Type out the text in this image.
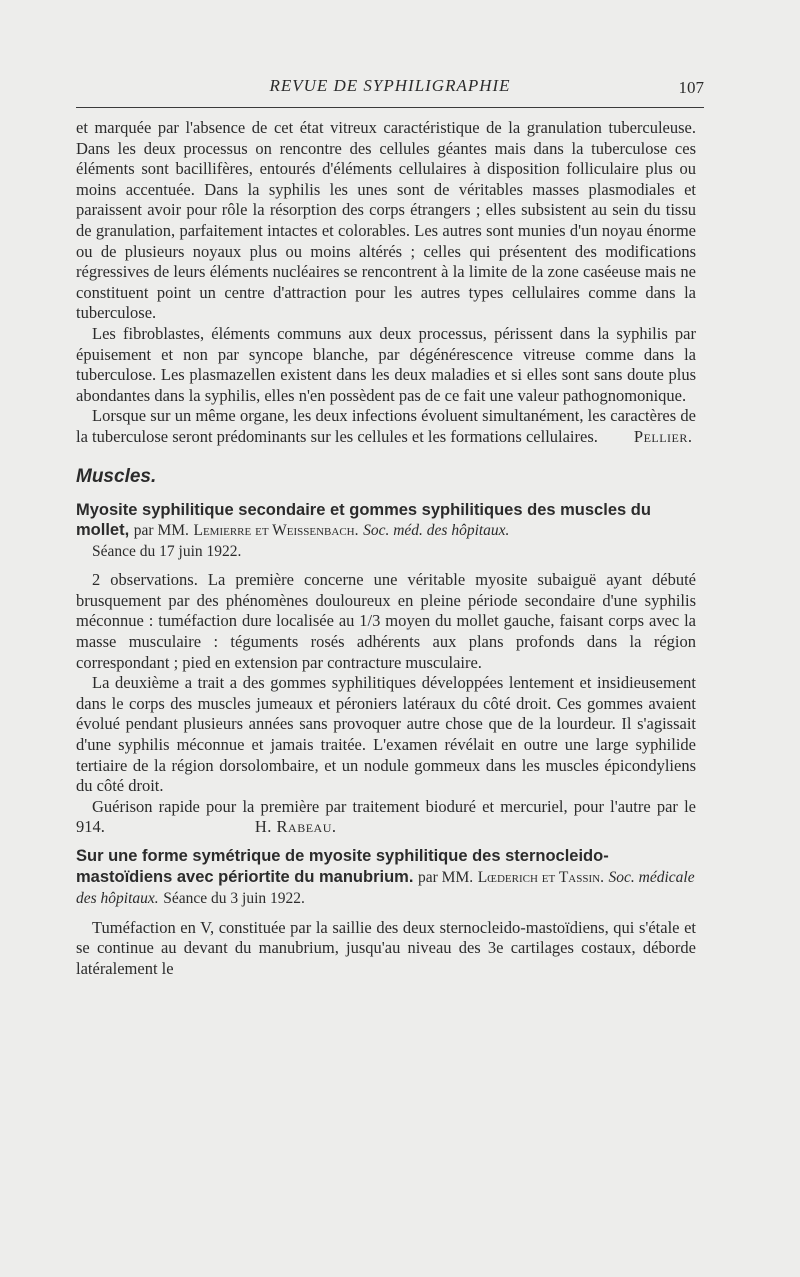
REVUE DE SYPHILIGRAPHIE	107

et marquée par l'absence de cet état vitreux caractéristique de la granulation tuberculeuse. Dans les deux processus on rencontre des cellules géantes mais dans la tuberculose ces éléments sont bacillifères, entourés d'éléments cellulaires à disposition folliculaire plus ou moins accentuée. Dans la syphilis les unes sont de véritables masses plasmodiales et paraissent avoir pour rôle la résorption des corps étrangers ; elles subsistent au sein du tissu de granulation, parfaitement intactes et colorables. Les autres sont munies d'un noyau énorme ou de plusieurs noyaux plus ou moins altérés ; celles qui présentent des modifications régressives de leurs éléments nucléaires se rencontrent à la limite de la zone caséeuse mais ne constituent point un centre d'attraction pour les autres types cellulaires comme dans la tuberculose.

Les fibroblastes, éléments communs aux deux processus, périssent dans la syphilis par épuisement et non par syncope blanche, par dégénérescence vitreuse comme dans la tuberculose. Les plasmazellen existent dans les deux maladies et si elles sont sans doute plus abondantes dans la syphilis, elles n'en possèdent pas de ce fait une valeur pathognomonique.

Lorsque sur un même organe, les deux infections évoluent simultanément, les caractères de la tuberculose seront prédominants sur les cellules et les formations cellulaires. Pellier.

Muscles.

Myosite syphilitique secondaire et gommes syphilitiques des muscles du mollet, par MM. Lemierre et Weissenbach. Soc. méd. des hôpitaux.

Séance du 17 juin 1922.

2 observations. La première concerne une véritable myosite subaiguë ayant débuté brusquement par des phénomènes douloureux en pleine période secondaire d'une syphilis méconnue : tuméfaction dure localisée au 1/3 moyen du mollet gauche, faisant corps avec la masse musculaire : téguments rosés adhérents aux plans profonds dans la région correspondant ; pied en extension par contracture musculaire.

La deuxième a trait a des gommes syphilitiques développées lentement et insidieusement dans le corps des muscles jumeaux et péroniers latéraux du côté droit. Ces gommes avaient évolué pendant plusieurs années sans provoquer autre chose que de la lourdeur. Il s'agissait d'une syphilis méconnue et jamais traitée. L'examen révélait en outre une large syphilide tertiaire de la région dorsolombaire, et un nodule gommeux dans les muscles épicondyliens du côté droit.

Guérison rapide pour la première par traitement bioduré et mercuriel, pour l'autre par le 914.	H. Rabeau.

Sur une forme symétrique de myosite syphilitique des sternocleido-mastoïdiens avec périortite du manubrium. par MM. Lœderich et Tassin. Soc. médicale des hôpitaux. Séance du 3 juin 1922.

Tuméfaction en V, constituée par la saillie des deux sternocleido-mastoïdiens, qui s'étale et se continue au devant du manubrium, jusqu'au niveau des 3e cartilages costaux, déborde latéralement le
